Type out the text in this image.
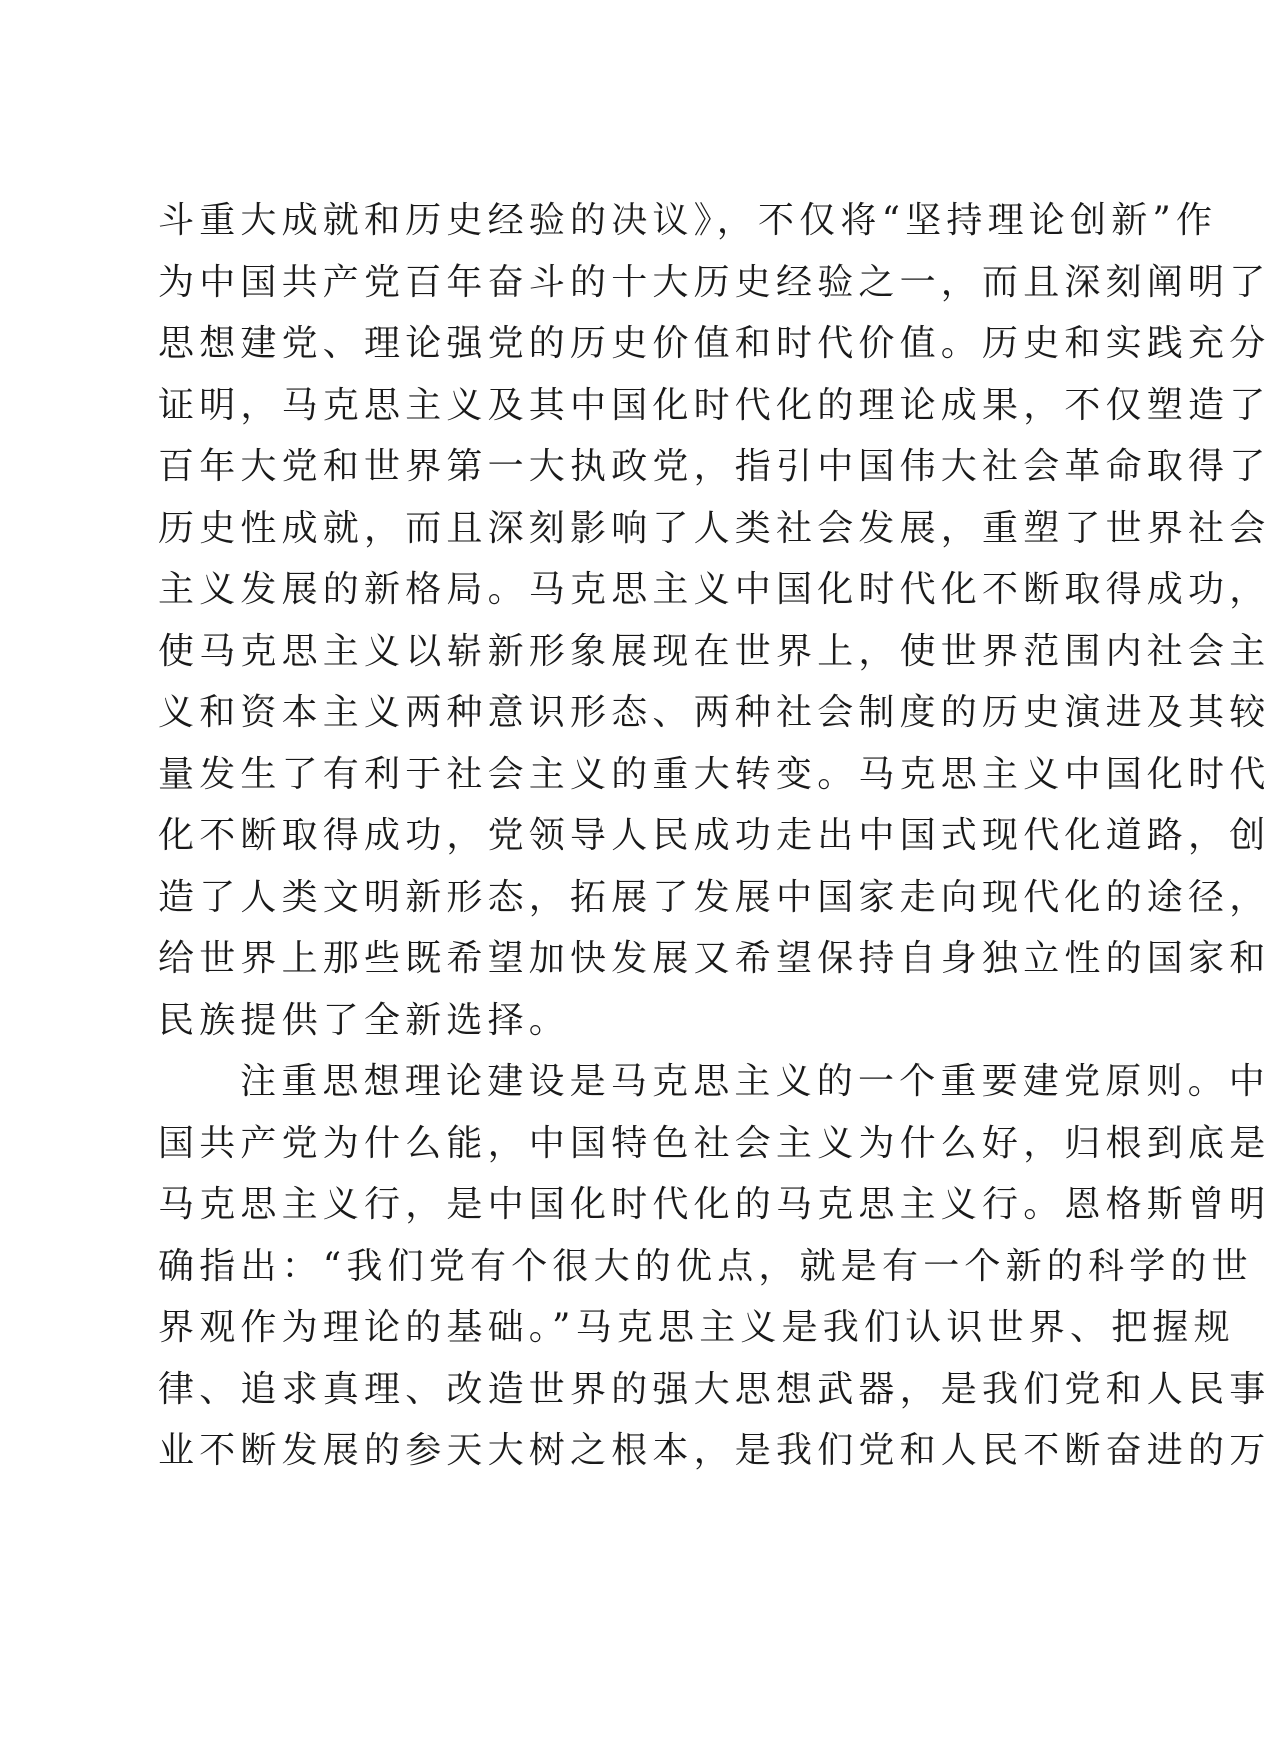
斗重大成就和历史经验的决议》，不仅将“坚持理论创新”作
为中国共产党百年奋斗的十大历史经验之一，而且深刻阐明了
思想建党、理论强党的历史价值和时代价值。历史和实践充分
证明，马克思主义及其中国化时代化的理论成果，不仅塑造了
百年大党和世界第一大执政党，指引中国伟大社会革命取得了
历史性成就，而且深刻影响了人类社会发展，重塑了世界社会
主义发展的新格局。马克思主义中国化时代化不断取得成功，
使马克思主义以崭新形象展现在世界上，使世界范围内社会主
义和资本主义两种意识形态、两种社会制度的历史演进及其较
量发生了有利于社会主义的重大转变。马克思主义中国化时代
化不断取得成功，党领导人民成功走出中国式现代化道路，创
造了人类文明新形态，拓展了发展中国家走向现代化的途径，
给世界上那些既希望加快发展又希望保持自身独立性的国家和
民族提供了全新选择。
注重思想理论建设是马克思主义的一个重要建党原则。中
国共产党为什么能，中国特色社会主义为什么好，归根到底是
马克思主义行，是中国化时代化的马克思主义行。恩格斯曾明
确指出：“我们党有个很大的优点，就是有一个新的科学的世
界观作为理论的基础。”马克思主义是我们认识世界、把握规
律、追求真理、改造世界的强大思想武器，是我们党和人民事
业不断发展的参天大树之根本，是我们党和人民不断奋进的万
